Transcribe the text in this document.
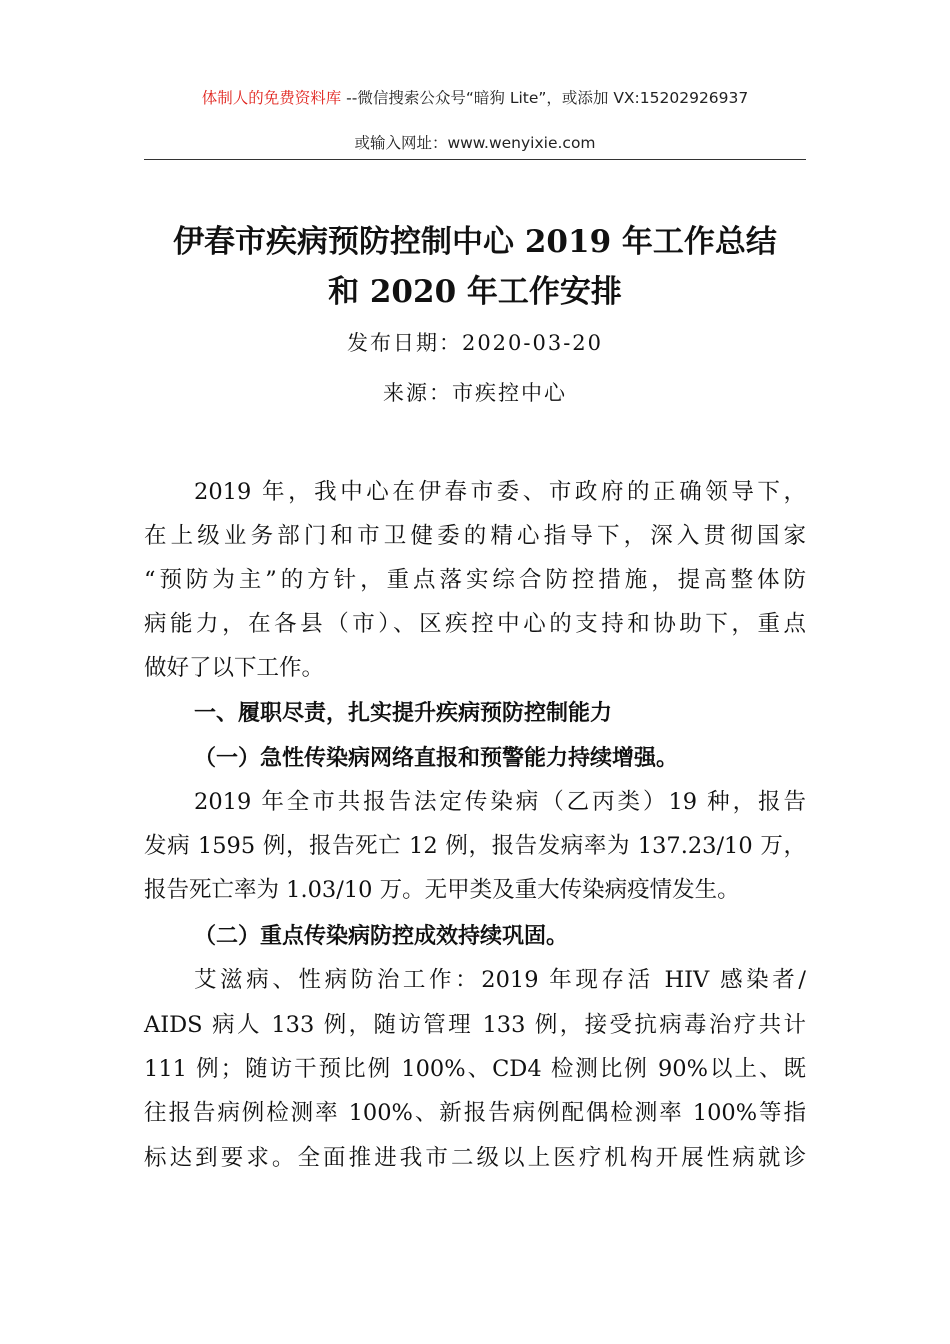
体制人的免费资料库 --微信搜索公众号“暗狗 Lite”，或添加 VX:15202926937
或输入网址：www.wenyixie.com
伊春市疾病预防控制中心 2019 年工作总结
和 2020 年工作安排
发布日期：2020-03-20
来源：市疾控中心
2019 年，我中心在伊春市委、市政府的正确领导下，
在上级业务部门和市卫健委的精心指导下，深入贯彻国家
“预防为主”的方针，重点落实综合防控措施，提高整体防
病能力，在各县（市）、区疾控中心的支持和协助下，重点
做好了以下工作。
一、履职尽责，扎实提升疾病预防控制能力
（一）急性传染病网络直报和预警能力持续增强。
2019 年全市共报告法定传染病（乙丙类）19 种，报告
发病 1595 例，报告死亡 12 例，报告发病率为 137.23/10 万，
报告死亡率为 1.03/10 万。无甲类及重大传染病疫情发生。
（二）重点传染病防控成效持续巩固。
艾滋病、性病防治工作：2019 年现存活 HIV 感染者/
AIDS 病人 133 例，随访管理 133 例，接受抗病毒治疗共计
111 例；随访干预比例 100%、CD4 检测比例 90%以上、既
往报告病例检测率 100%、新报告病例配偶检测率 100%等指
标达到要求。全面推进我市二级以上医疗机构开展性病就诊
